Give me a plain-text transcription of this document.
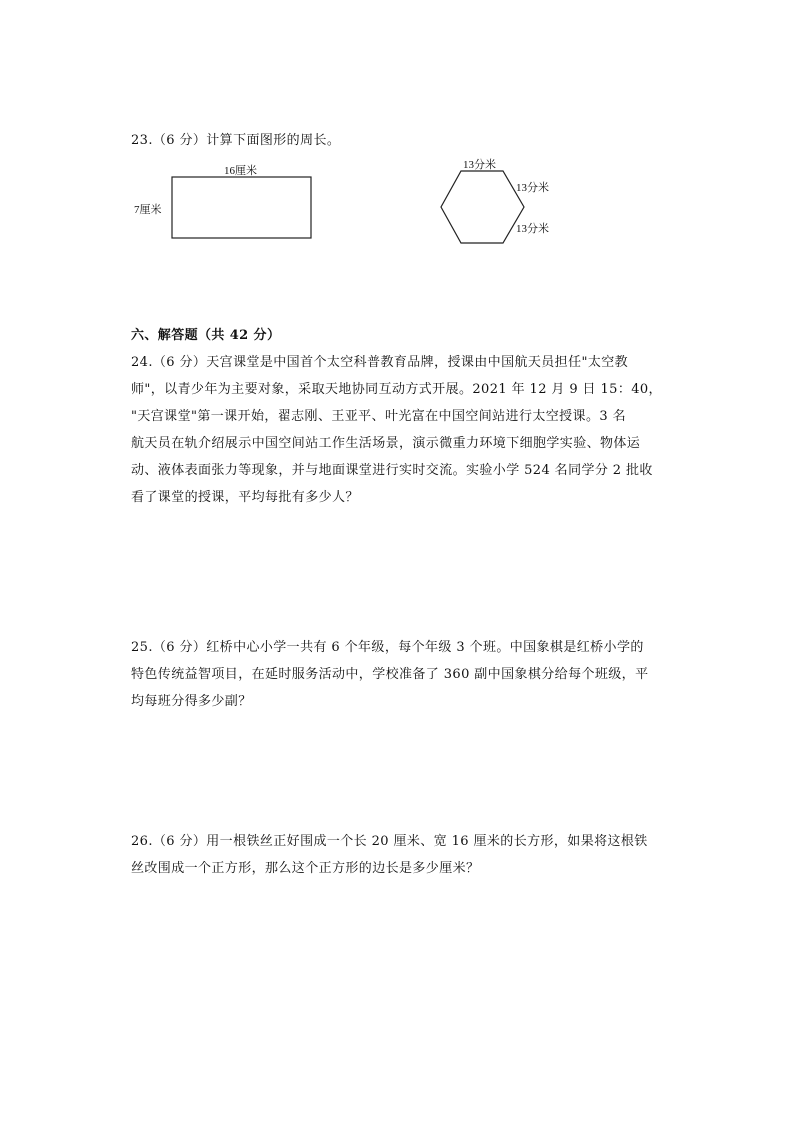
23.（6 分）计算下面图形的周长。

16厘米
7厘米
13分米
13分米
13分米

六、解答题（共 42 分）

24.（6 分）天宫课堂是中国首个太空科普教育品牌，授课由中国航天员担任"太空教

师"，以青少年为主要对象，采取天地协同互动方式开展。2021 年 12 月 9 日 15：40，

"天宫课堂"第一课开始，翟志刚、王亚平、叶光富在中国空间站进行太空授课。3 名

航天员在轨介绍展示中国空间站工作生活场景，演示微重力环境下细胞学实验、物体运

动、液体表面张力等现象，并与地面课堂进行实时交流。实验小学 524 名同学分 2 批收

看了课堂的授课，平均每批有多少人？

25.（6 分）红桥中心小学一共有 6 个年级，每个年级 3 个班。中国象棋是红桥小学的

特色传统益智项目，在延时服务活动中，学校准备了 360 副中国象棋分给每个班级，平

均每班分得多少副？

26.（6 分）用一根铁丝正好围成一个长 20 厘米、宽 16 厘米的长方形，如果将这根铁

丝改围成一个正方形，那么这个正方形的边长是多少厘米？
